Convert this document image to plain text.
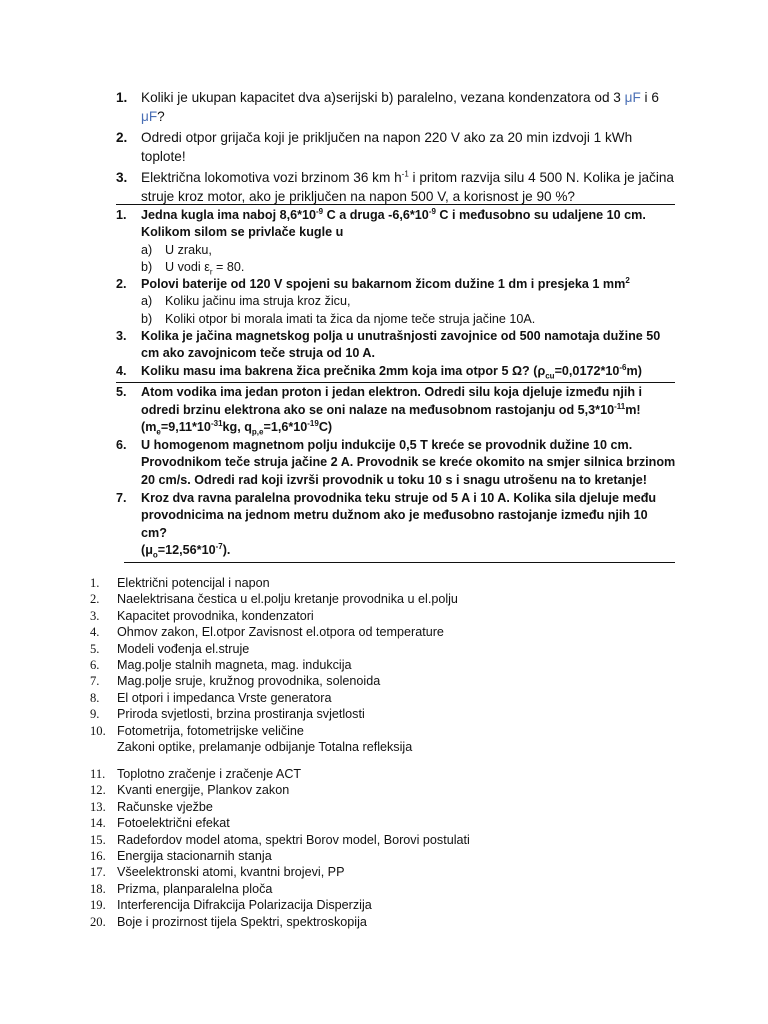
1.	Koliki je ukupan kapacitet dva a)serijski b) paralelno, vezana kondenzatora od 3 μF i 6 μF?
2.	Odredi otpor grijača koji je priključen na napon 220 V ako za 20 min izdvoji 1 kWh toplote!
3.	Električna lokomotiva vozi brzinom 36 km $h^{-1}$ i pritom razvija silu 4 500 N. Kolika je jačina struje kroz motor, ako je priključen na napon 500 V, a korisnost je 90 %?
1.	Jedna kugla ima naboj $8,6*10^{-9}$ C a druga $-6,6*10^{-9}$ C i međusobno su udaljene 10 cm. Kolikom silom se privlače kugle u
a)	U zraku,
b)	U vodi $\varepsilon_r = 80$.
2.	Polovi baterije od 120 V spojeni su bakarnom žicom dužine 1 dm i presjeka 1 $mm^2$
a)	Koliku jačinu ima struja kroz žicu,
b)	Koliki otpor bi morala imati ta žica da njome teče struja jačine 10A.
3.	Kolika je jačina magnetskog polja u unutrašnjosti zavojnice od 500 namotaja dužine 50 cm ako zavojnicom teče struja od 10 A.
4.	Koliku masu ima bakrena žica prečnika 2mm koja ima otpor 5 Ω? $(\rho_{cu}=0,0172*10^{-6}m)$
5.	Atom vodika ima jedan proton i jedan elektron. Odredi silu koja djeluje između njih i odredi brzinu elektrona ako se oni nalaze na međusobnom rastojanju od $5,3*10^{-11}m$!
($m_e=9,11*10^{-31}kg$, $q_{p,e}=1,6*10^{-19}C$)
6.	U homogenom magnetnom polju indukcije 0,5 T kreće se provodnik dužine 10 cm. Provodnikom teče struja jačine 2 A. Provodnik se kreće okomito na smjer silnica brzinom 20 cm/s. Odredi rad koji izvrši provodnik u toku 10 s i snagu utrošenu na to kretanje!
7.	Kroz dva ravna paralelna provodnika teku struje od 5 A i 10 A. Kolika sila djeluje među provodnicima na jednom metru dužnom ako je međusobno rastojanje između njih 10 cm?
$(\mu_o=12,56*10^{-7})$.
1.	Električni potencijal i napon
2.	Naelektrisana čestica u el.polju kretanje provodnika u el.polju
3.	Kapacitet provodnika, kondenzatori
4.	Ohmov zakon, El.otpor Zavisnost el.otpora od temperature
5.	Modeli vođenja el.struje
6.	Mag.polje stalnih magneta, mag. indukcija
7.	Mag.polje sruje, kružnog provodnika, solenoida
8.	El otpori i impedanca Vrste generatora
9.	Priroda svjetlosti, brzina prostiranja svjetlosti
10. Fotometrija, fotometrijske veličine
Zakoni optike, prelamanje odbijanje Totalna refleksija
11. Toplotno zračenje i zračenje ACT
12. Kvanti energije, Plankov zakon
13. Računske vježbe
14. Fotoelektrični efekat
15. Radefordov model atoma, spektri Borov model, Borovi postulati
16. Energija stacionarnih stanja
17. Všeelektronski atomi, kvantni brojevi, PP
18. Prizma, planparalelna ploča
19. Interferencija Difrakcija Polarizacija Disperzija
20. Boje i prozirnost tijela Spektri, spektroskopija
